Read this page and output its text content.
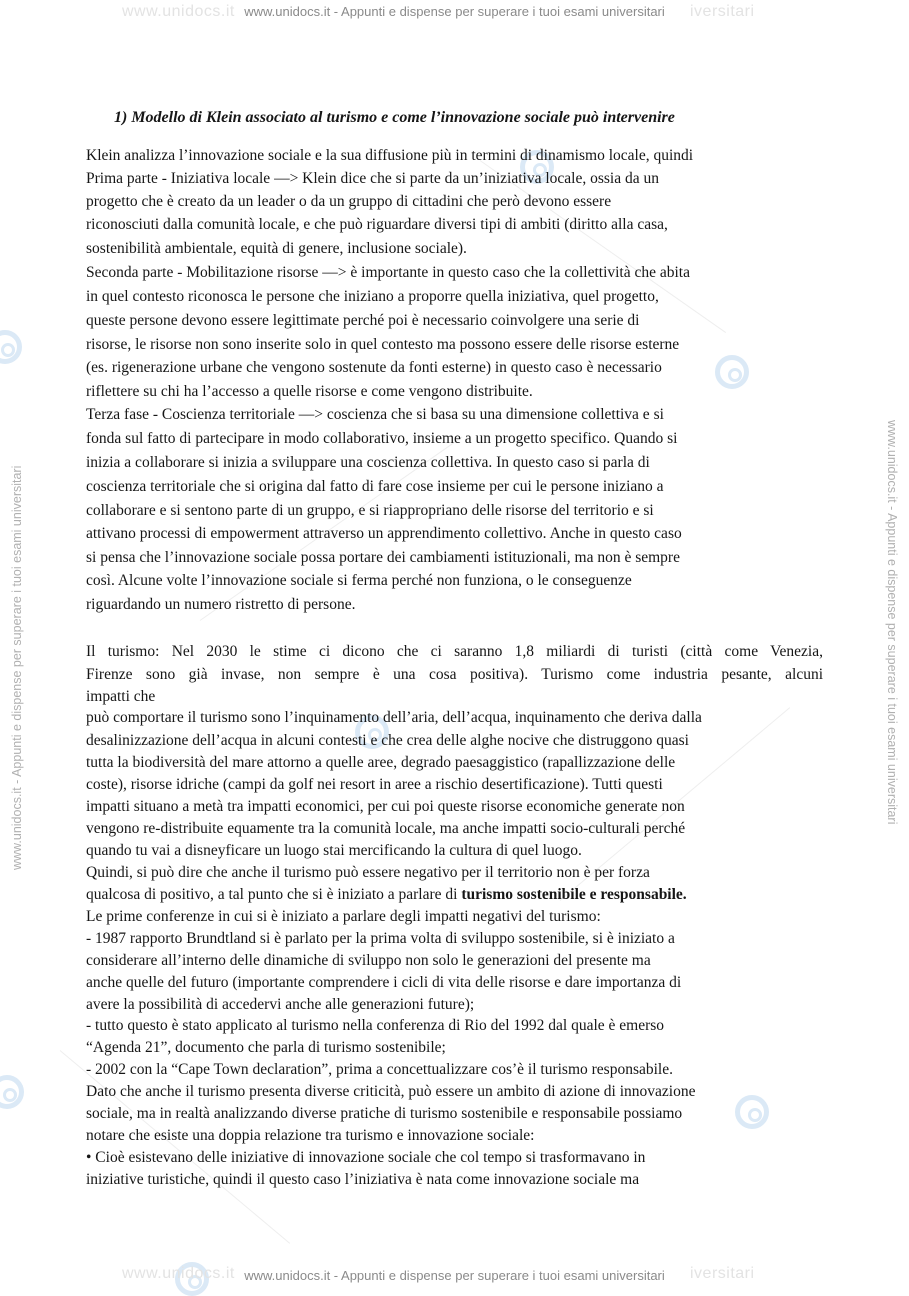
www.unidocs.it	iversitari
www.unidocs.it - Appunti e dispense per superare i tuoi esami universitari
www.unidocs.it	iversitari
www.unidocs.it - Appunti e dispense per superare i tuoi esami universitari
www.unidocs.it - Appunti e dispense per superare i tuoi esami universitari	www.unidocs.it - Appunti e dispense per superare i tuoi esami universitari
1) Modello di Klein associato al turismo e come l’innovazione sociale può intervenire

Klein analizza l’innovazione sociale e la sua diffusione più in termini di dinamismo locale, quindi

Prima parte - Iniziativa locale —> Klein dice che si parte da un’iniziativa locale, ossia da un

progetto che è creato da un leader o da un gruppo di cittadini che però devono essere

riconosciuti dalla comunità locale, e che può riguardare diversi tipi di ambiti (diritto alla casa,

sostenibilità ambientale, equità di genere, inclusione sociale).

Seconda parte - Mobilitazione risorse —> è importante in questo caso che la collettività che abita

in quel contesto riconosca le persone che iniziano a proporre quella iniziativa, quel progetto,

queste persone devono essere legittimate perché poi è necessario coinvolgere una serie di

risorse, le risorse non sono inserite solo in quel contesto ma possono essere delle risorse esterne

(es. rigenerazione urbane che vengono sostenute da fonti esterne) in questo caso è necessario

riflettere su chi ha l’accesso a quelle risorse e come vengono distribuite.

Terza fase - Coscienza territoriale —> coscienza che si basa su una dimensione collettiva e si

fonda sul fatto di partecipare in modo collaborativo, insieme a un progetto specifico. Quando si

inizia a collaborare si inizia a sviluppare una coscienza collettiva. In questo caso si parla di

coscienza territoriale che si origina dal fatto di fare cose insieme per cui le persone iniziano a

collaborare e si sentono parte di un gruppo, e si riappropriano delle risorse del territorio e si

attivano processi di empowerment attraverso un apprendimento collettivo. Anche in questo caso

si pensa che l’innovazione sociale possa portare dei cambiamenti istituzionali, ma non è sempre

così. Alcune volte l’innovazione sociale si ferma perché non funziona, o le conseguenze

riguardando un numero ristretto di persone.

Il turismo: Nel 2030 le stime ci dicono che ci saranno 1,8 miliardi di turisti (città come Venezia,

Firenze sono già invase, non sempre è una cosa positiva). Turismo come industria pesante, alcuni

impatti che

può comportare il turismo sono l’inquinamento dell’aria, dell’acqua, inquinamento che deriva dalla

desalinizzazione dell’acqua in alcuni contesti e che crea delle alghe nocive che distruggono quasi

tutta la biodiversità del mare attorno a quelle aree, degrado paesaggistico (rapallizzazione delle

coste), risorse idriche (campi da golf nei resort in aree a rischio desertificazione). Tutti questi

impatti situano a metà tra impatti economici, per cui poi queste risorse economiche generate non

vengono re-distribuite equamente tra la comunità locale, ma anche impatti socio-culturali perché

quando tu vai a disneyficare un luogo stai mercificando la cultura di quel luogo.

Quindi, si può dire che anche il turismo può essere negativo per il territorio non è per forza

qualcosa di positivo, a tal punto che si è iniziato a parlare di turismo sostenibile e responsabile.

Le prime conferenze in cui si è iniziato a parlare degli impatti negativi del turismo:

- 1987 rapporto Brundtland si è parlato per la prima volta di sviluppo sostenibile, si è iniziato a

considerare all’interno delle dinamiche di sviluppo non solo le generazioni del presente ma

anche quelle del futuro (importante comprendere i cicli di vita delle risorse e dare importanza di

avere la possibilità di accedervi anche alle generazioni future);

- tutto questo è stato applicato al turismo nella conferenza di Rio del 1992 dal quale è emerso

“Agenda 21”, documento che parla di turismo sostenibile;

- 2002 con la “Cape Town declaration”, prima a concettualizzare cos’è il turismo responsabile.

Dato che anche il turismo presenta diverse criticità, può essere un ambito di azione di innovazione

sociale, ma in realtà analizzando diverse pratiche di turismo sostenibile e responsabile possiamo

notare che esiste una doppia relazione tra turismo e innovazione sociale:

• Cioè esistevano delle iniziative di innovazione sociale che col tempo si trasformavano in

iniziative turistiche, quindi il questo caso l’iniziativa è nata come innovazione sociale ma
